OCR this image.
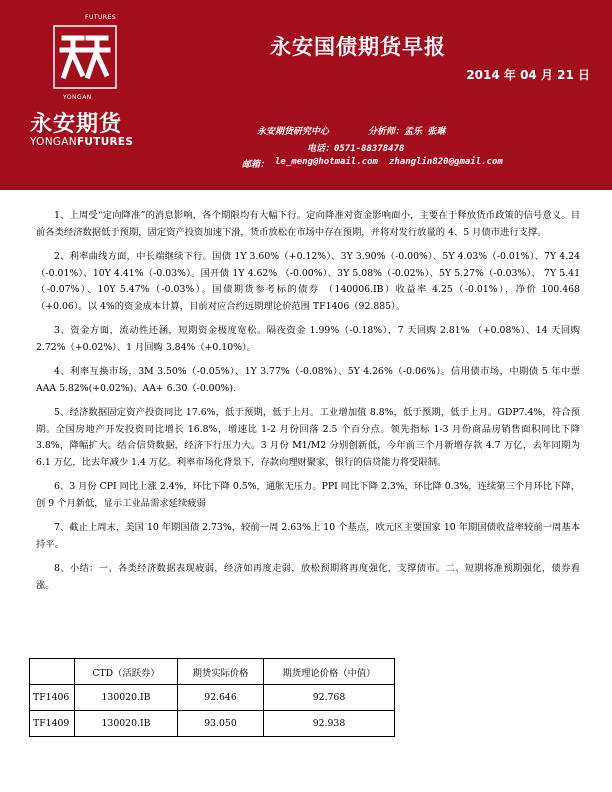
FUTURES
YONGAN
永安期货
YONGANFUTURES
永安国债期货早报
2014 年 04 月 21 日
永安期货研究中心	分析师：孟乐 张琳
电话：0571-88378478
邮箱： le_meng@hotmail.com zhanglin820@gmail.com

1、上周受“定向降准”的消息影响，各个期限均有大幅下行。定向降准对资金影响面小，主要在于释放货币政策的信号意义。目前各类经济数据低于预期，固定资产投资加速下滑，货币放松在市场中存在预期，并将对发行放量的 4、5 月债市进行支撑。

2、利率曲线方面，中长端继续下行。国债 1Y 3.60%（+0.12%）、3Y 3.90%（-0.00%）、5Y 4.03%（-0.01%）、7Y 4.24（-0.01%）、10Y 4.41%（-0.03%）。国开债 1Y 4.62% （-0.00%）、3Y 5.08%（-0.02%）、5Y 5.27%（-0.03%）、 7Y 5.41（-0.07%）、10Y 5.47%（-0.03%）。国债期货参考标的债券 （140006.IB）收益率 4.25（-0.01%），净价 100.468（+0.06）。以 4%的资金成本计算，目前对应合约远期理论价范围 TF1406（92.885）。

3、资金方面，流动性还涵，短期资金极度宽松。隔夜资金 1.99%（-0.18%），7 天回购 2.81% （+0.08%）、14 天回购 2.72%（+0.02%）、1 月回购 3.84%（+0.10%）。

4、利率互换市场，3M 3.50%（-0.05%）、1Y 3.77%（-0.08%）、5Y 4.26%（-0.06%）。信用债市场，中期债 5 年中票 AAA 5.82%(+0.02%)、AA+ 6.30（-0.00%).

5、经济数据固定资产投资同比 17.6%，低于预期，低于上月。工业增加值 8.8%，低于预期，低于上月。GDP7.4%，符合预期。全国房地产开发投资同比增长 16.8%，增速比 1-2 月份回落 2.5 个百分点。领先指标 1-3 月份商品房销售面积同比下降 3.8%，降幅扩大。结合信贷数据，经济下行压力大。3 月份 M1/M2 分别创新低，今年前三个月新增存款 4.7 万亿，去年同期为 6.1 万亿，比去年减少 1.4 万亿。利率市场化背景下，存款向理财聚家，银行的信贷能力将受限制。

6、3 月份 CPI 同比上涨 2.4%，环比下降 0.5%，通胀无压力。PPI 同比下降 2.3%，环比降 0.3%，连续第三个月环比下降，创 9 个月新低，显示工业品需求延续疲弱

7、截止上周末，美国 10 年期国债 2.73%，较前一周 2.63%上 10 个基点，欧元区主要国家 10 年期国债收益率较前一周基本持平。

8、小结：一、各类经济数据表现疲弱，经济如再度走弱，放松预期将再度强化，支撑债市。二、短期将准预期强化，债券看涨。

	CTD（活跃券）	期货实际价格	期货理论价格（中值）
TF1406	130020.IB	92.646	92.768
TF1409	130020.IB	93.050	92.938
